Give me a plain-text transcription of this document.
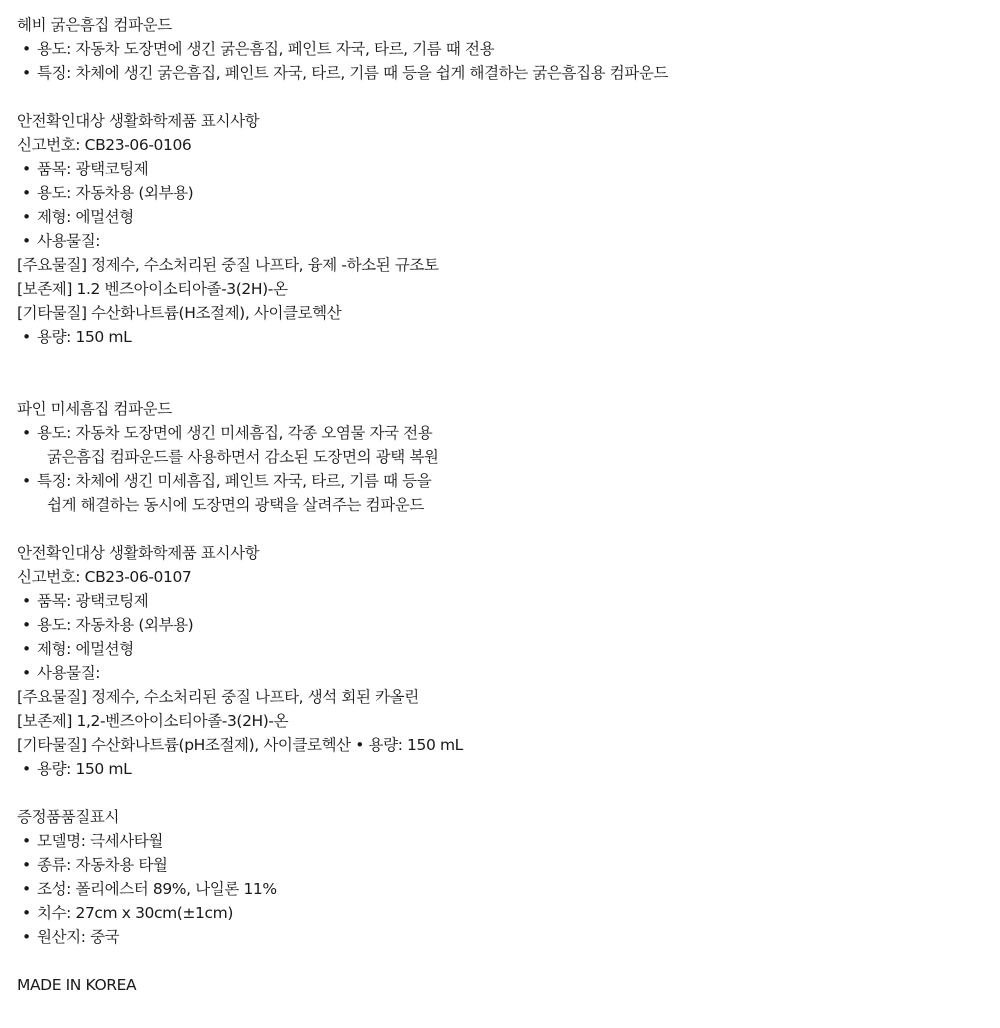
헤비 굵은흠집 컴파운드
• 용도: 자동차 도장면에 생긴 굵은흠집, 페인트 자국, 타르, 기름 때 전용
• 특징: 차체에 생긴 굵은흠집, 페인트 자국, 타르, 기름 때 등을 쉽게 해결하는 굵은흠집용 컴파운드
안전확인대상 생활화학제품 표시사항
신고번호: CB23-06-0106
• 품목: 광택코팅제
• 용도: 자동차용 (외부용)
• 제형: 에멀션형
• 사용물질:
[주요물질] 정제수, 수소처리된 중질 나프타, 융제 -하소된 규조토
[보존제] 1.2 벤즈아이소티아졸-3(2H)-온
[기타물질] 수산화나트륨(H조절제), 사이클로헥산
• 용량: 150 mL
파인 미세흠집 컴파운드
• 용도: 자동차 도장면에 생긴 미세흠집, 각종 오염물 자국 전용
굵은흠집 컴파운드를 사용하면서 감소된 도장면의 광택 복원
• 특징: 차체에 생긴 미세흠집, 페인트 자국, 타르, 기름 때 등을
쉽게 해결하는 동시에 도장면의 광택을 살려주는 컴파운드
안전확인대상 생활화학제품 표시사항
신고번호: CB23-06-0107
• 품목: 광택코팅제
• 용도: 자동차용 (외부용)
• 제형: 에멀션형
• 사용물질:
[주요물질] 정제수, 수소처리된 중질 나프타, 생석 회된 카올린
[보존제] 1,2-벤즈아이소티아졸-3(2H)-온
[기타물질] 수산화나트륨(pH조절제), 사이클로헥산 • 용량: 150 mL
• 용량: 150 mL
증정품품질표시
• 모델명: 극세사타월
• 종류: 자동차용 타월
• 조성: 폴리에스터 89%, 나일론 11%
• 치수: 27cm x 30cm(±1cm)
• 원산지: 중국
MADE IN KOREA
